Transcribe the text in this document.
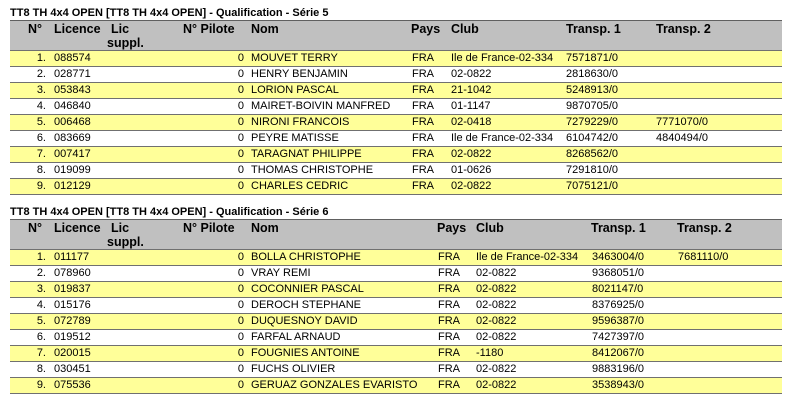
TT8 TH 4x4 OPEN [TT8 TH 4x4 OPEN] - Qualification - Série 5
N° Licence Lic
suppl.
N° Pilote Nom	Pays Club	Transp. 1	Transp. 2
1. 088574	0 MOUVET TERRY	FRA Ile de France-02-334	7571871/0
2. 028771	0 HENRY BENJAMIN	FRA 02-0822	2818630/0
3. 053843	0 LORION PASCAL	FRA 21-1042	5248913/0
4. 046840	0 MAIRET-BOIVIN MANFRED	FRA 01-1147	9870705/0
5. 006468	0 NIRONI FRANCOIS	FRA 02-0418	7279229/0	7771070/0
6. 083669	0 PEYRE MATISSE	FRA Ile de France-02-334	6104742/0	4840494/0
7. 007417	0 TARAGNAT PHILIPPE	FRA 02-0822	8268562/0
8. 019099	0 THOMAS CHRISTOPHE	FRA 01-0626	7291810/0
9. 012129	0 CHARLES CEDRIC	FRA 02-0822	7075121/0
TT8 TH 4x4 OPEN [TT8 TH 4x4 OPEN] - Qualification - Série 6
N° Licence Lic
suppl.
N° Pilote Nom	Pays Club	Transp. 1 Transp. 2
1. 011177	0 BOLLA CHRISTOPHE	FRA Ile de France-02-334	3463004/0	7681110/0
2. 078960	0 VRAY REMI	FRA 02-0822	9368051/0
3. 019837	0 COCONNIER PASCAL	FRA 02-0822	8021147/0
4. 015176	0 DEROCH STEPHANE	FRA 02-0822	8376925/0
5. 072789	0 DUQUESNOY DAVID	FRA 02-0822	9596387/0
6. 019512	0 FARFAL ARNAUD	FRA 02-0822	7427397/0
7. 020015	0 FOUGNIES ANTOINE	FRA -1180	8412067/0
8. 030451	0 FUCHS OLIVIER	FRA 02-0822	9883196/0
9. 075536	0 GERUAZ GONZALES EVARISTO	FRA 02-0822	3538943/0
